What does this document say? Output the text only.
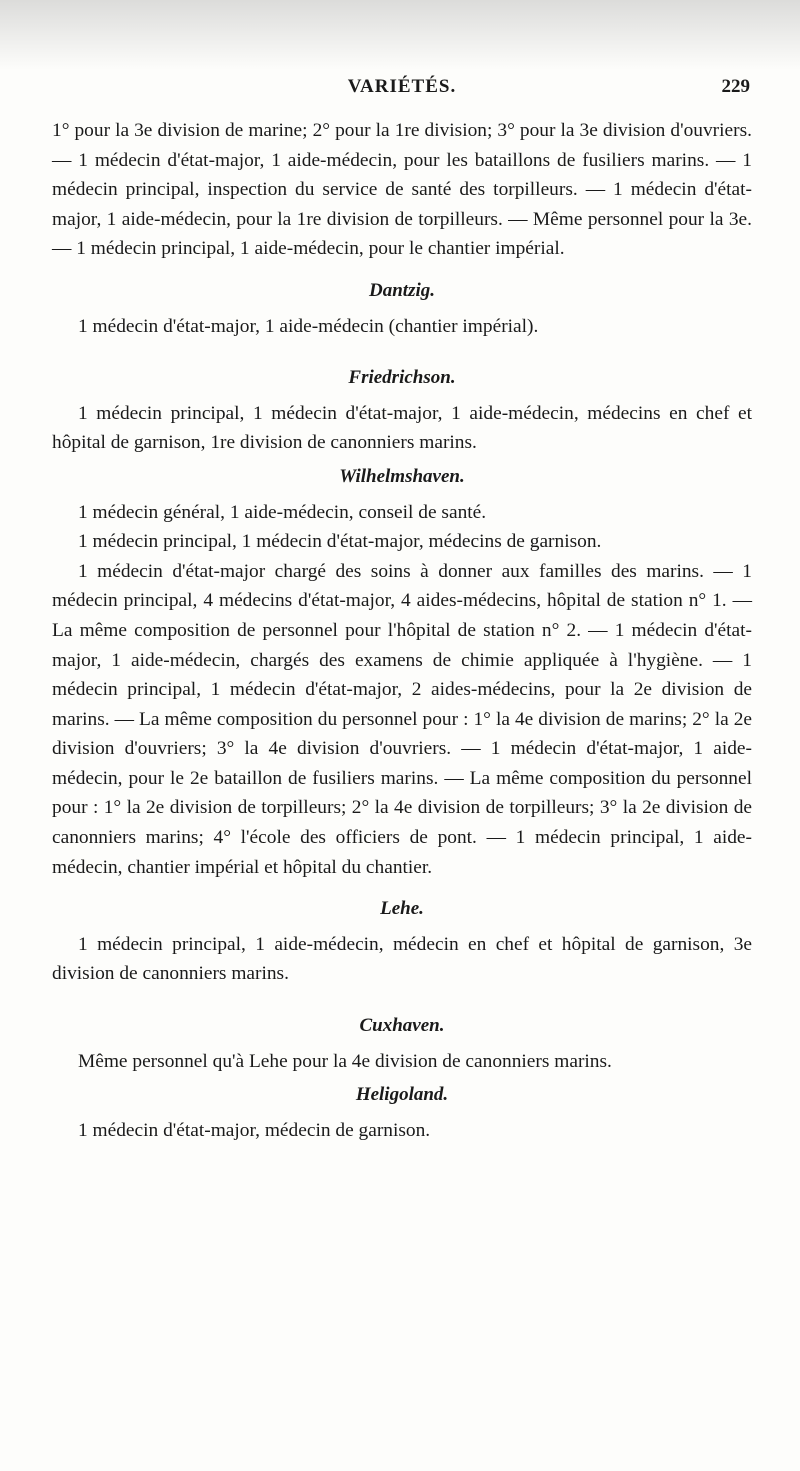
VARIÉTÉS.	229

1° pour la 3e division de marine; 2° pour la 1re division; 3° pour la 3e division d'ouvriers. — 1 médecin d'état-major, 1 aide-médecin, pour les bataillons de fusiliers marins. — 1 médecin principal, inspection du service de santé des torpilleurs. — 1 médecin d'état-major, 1 aide-médecin, pour la 1re division de torpilleurs. — Même personnel pour la 3e. — 1 médecin principal, 1 aide-médecin, pour le chantier impérial.

Dantzig.

1 médecin d'état-major, 1 aide-médecin (chantier impérial).

Friedrichson.

1 médecin principal, 1 médecin d'état-major, 1 aide-médecin, médecins en chef et hôpital de garnison, 1re division de canonniers marins.

Wilhelmshaven.

1 médecin général, 1 aide-médecin, conseil de santé.

1 médecin principal, 1 médecin d'état-major, médecins de garnison.

1 médecin d'état-major chargé des soins à donner aux familles des marins. — 1 médecin principal, 4 médecins d'état-major, 4 aides-médecins, hôpital de station n° 1. — La même composition de personnel pour l'hôpital de station n° 2. — 1 médecin d'état-major, 1 aide-médecin, chargés des examens de chimie appliquée à l'hygiène. — 1 médecin principal, 1 médecin d'état-major, 2 aides-médecins, pour la 2e division de marins. — La même composition du personnel pour : 1° la 4e division de marins; 2° la 2e division d'ouvriers; 3° la 4e division d'ouvriers. — 1 médecin d'état-major, 1 aide-médecin, pour le 2e bataillon de fusiliers marins. — La même composition du personnel pour : 1° la 2e division de torpilleurs; 2° la 4e division de torpilleurs; 3° la 2e division de canonniers marins; 4° l'école des officiers de pont. — 1 médecin principal, 1 aide-médecin, chantier impérial et hôpital du chantier.

Lehe.

1 médecin principal, 1 aide-médecin, médecin en chef et hôpital de garnison, 3e division de canonniers marins.

Cuxhaven.

Même personnel qu'à Lehe pour la 4e division de canonniers marins.

Heligoland.

1 médecin d'état-major, médecin de garnison.
